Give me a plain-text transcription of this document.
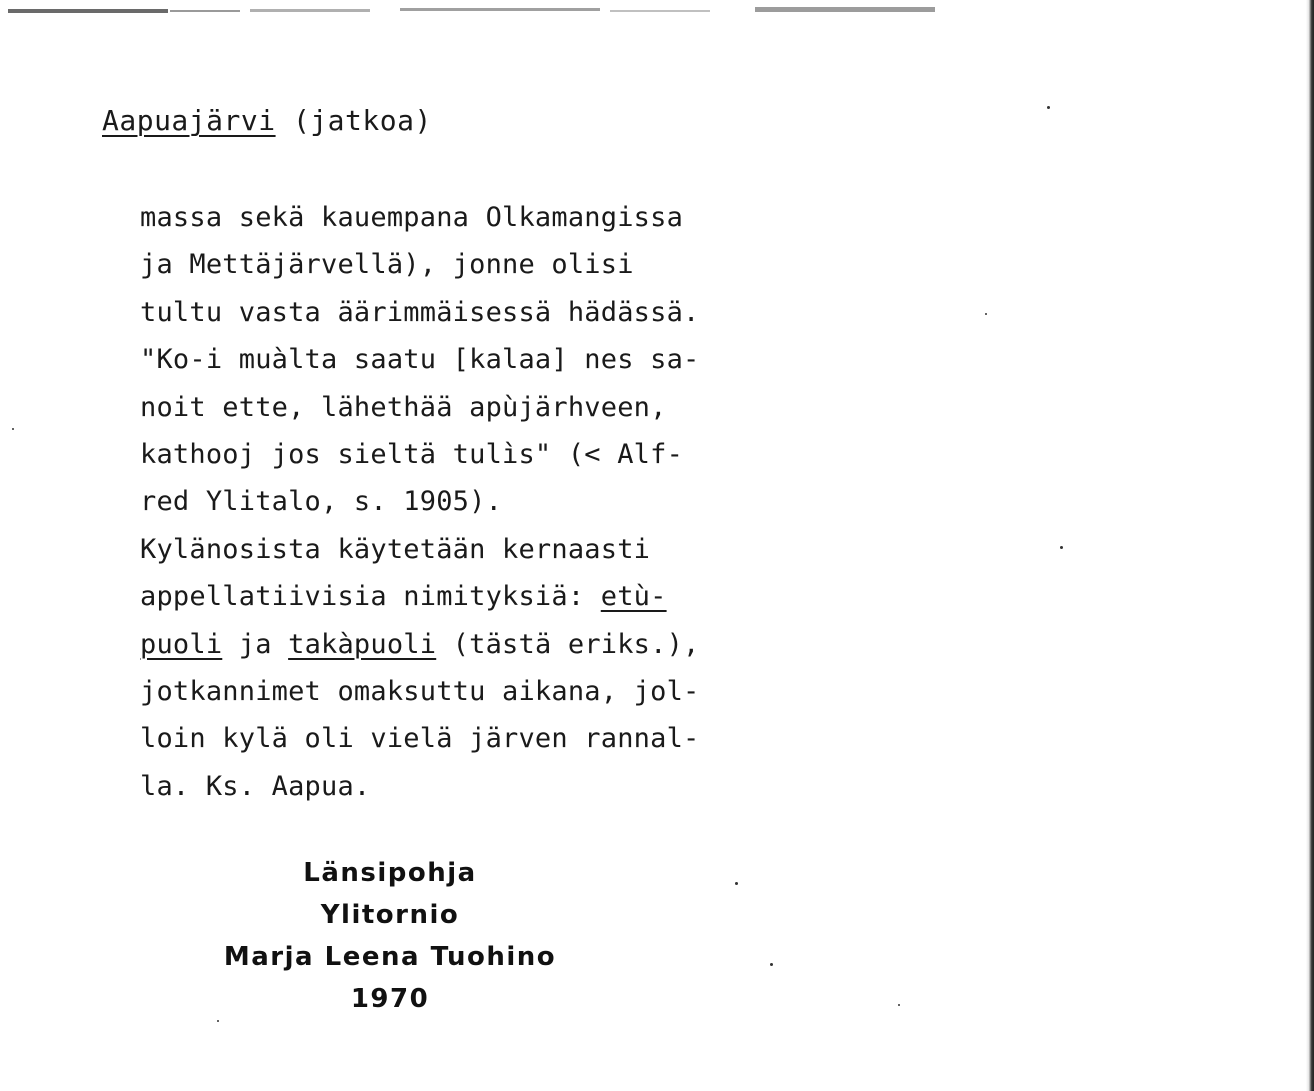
Aapuajärvi (jatkoa)
massa sekä kauempana Olkamangissa
ja Mettäjärvellä), jonne olisi
tultu vasta äärimmäisessä hädässä.
"Ko-i muàlta saatu [kalaa] nes sa-
noit ette, lähethää apùjärhveen,
kathooj jos sieltä tulìs" (< Alf-
red Ylitalo, s. 1905).
Kylänosista käytetään kernaasti
appellatiivisia nimityksiä: etù-
puoli ja takàpuoli (tästä eriks.),
jotkannimet omaksuttu aikana, jol-
loin kylä oli vielä järven rannal-
la. Ks. Aapua.
Länsipohja
Ylitornio
Marja Leena Tuohino
1970
